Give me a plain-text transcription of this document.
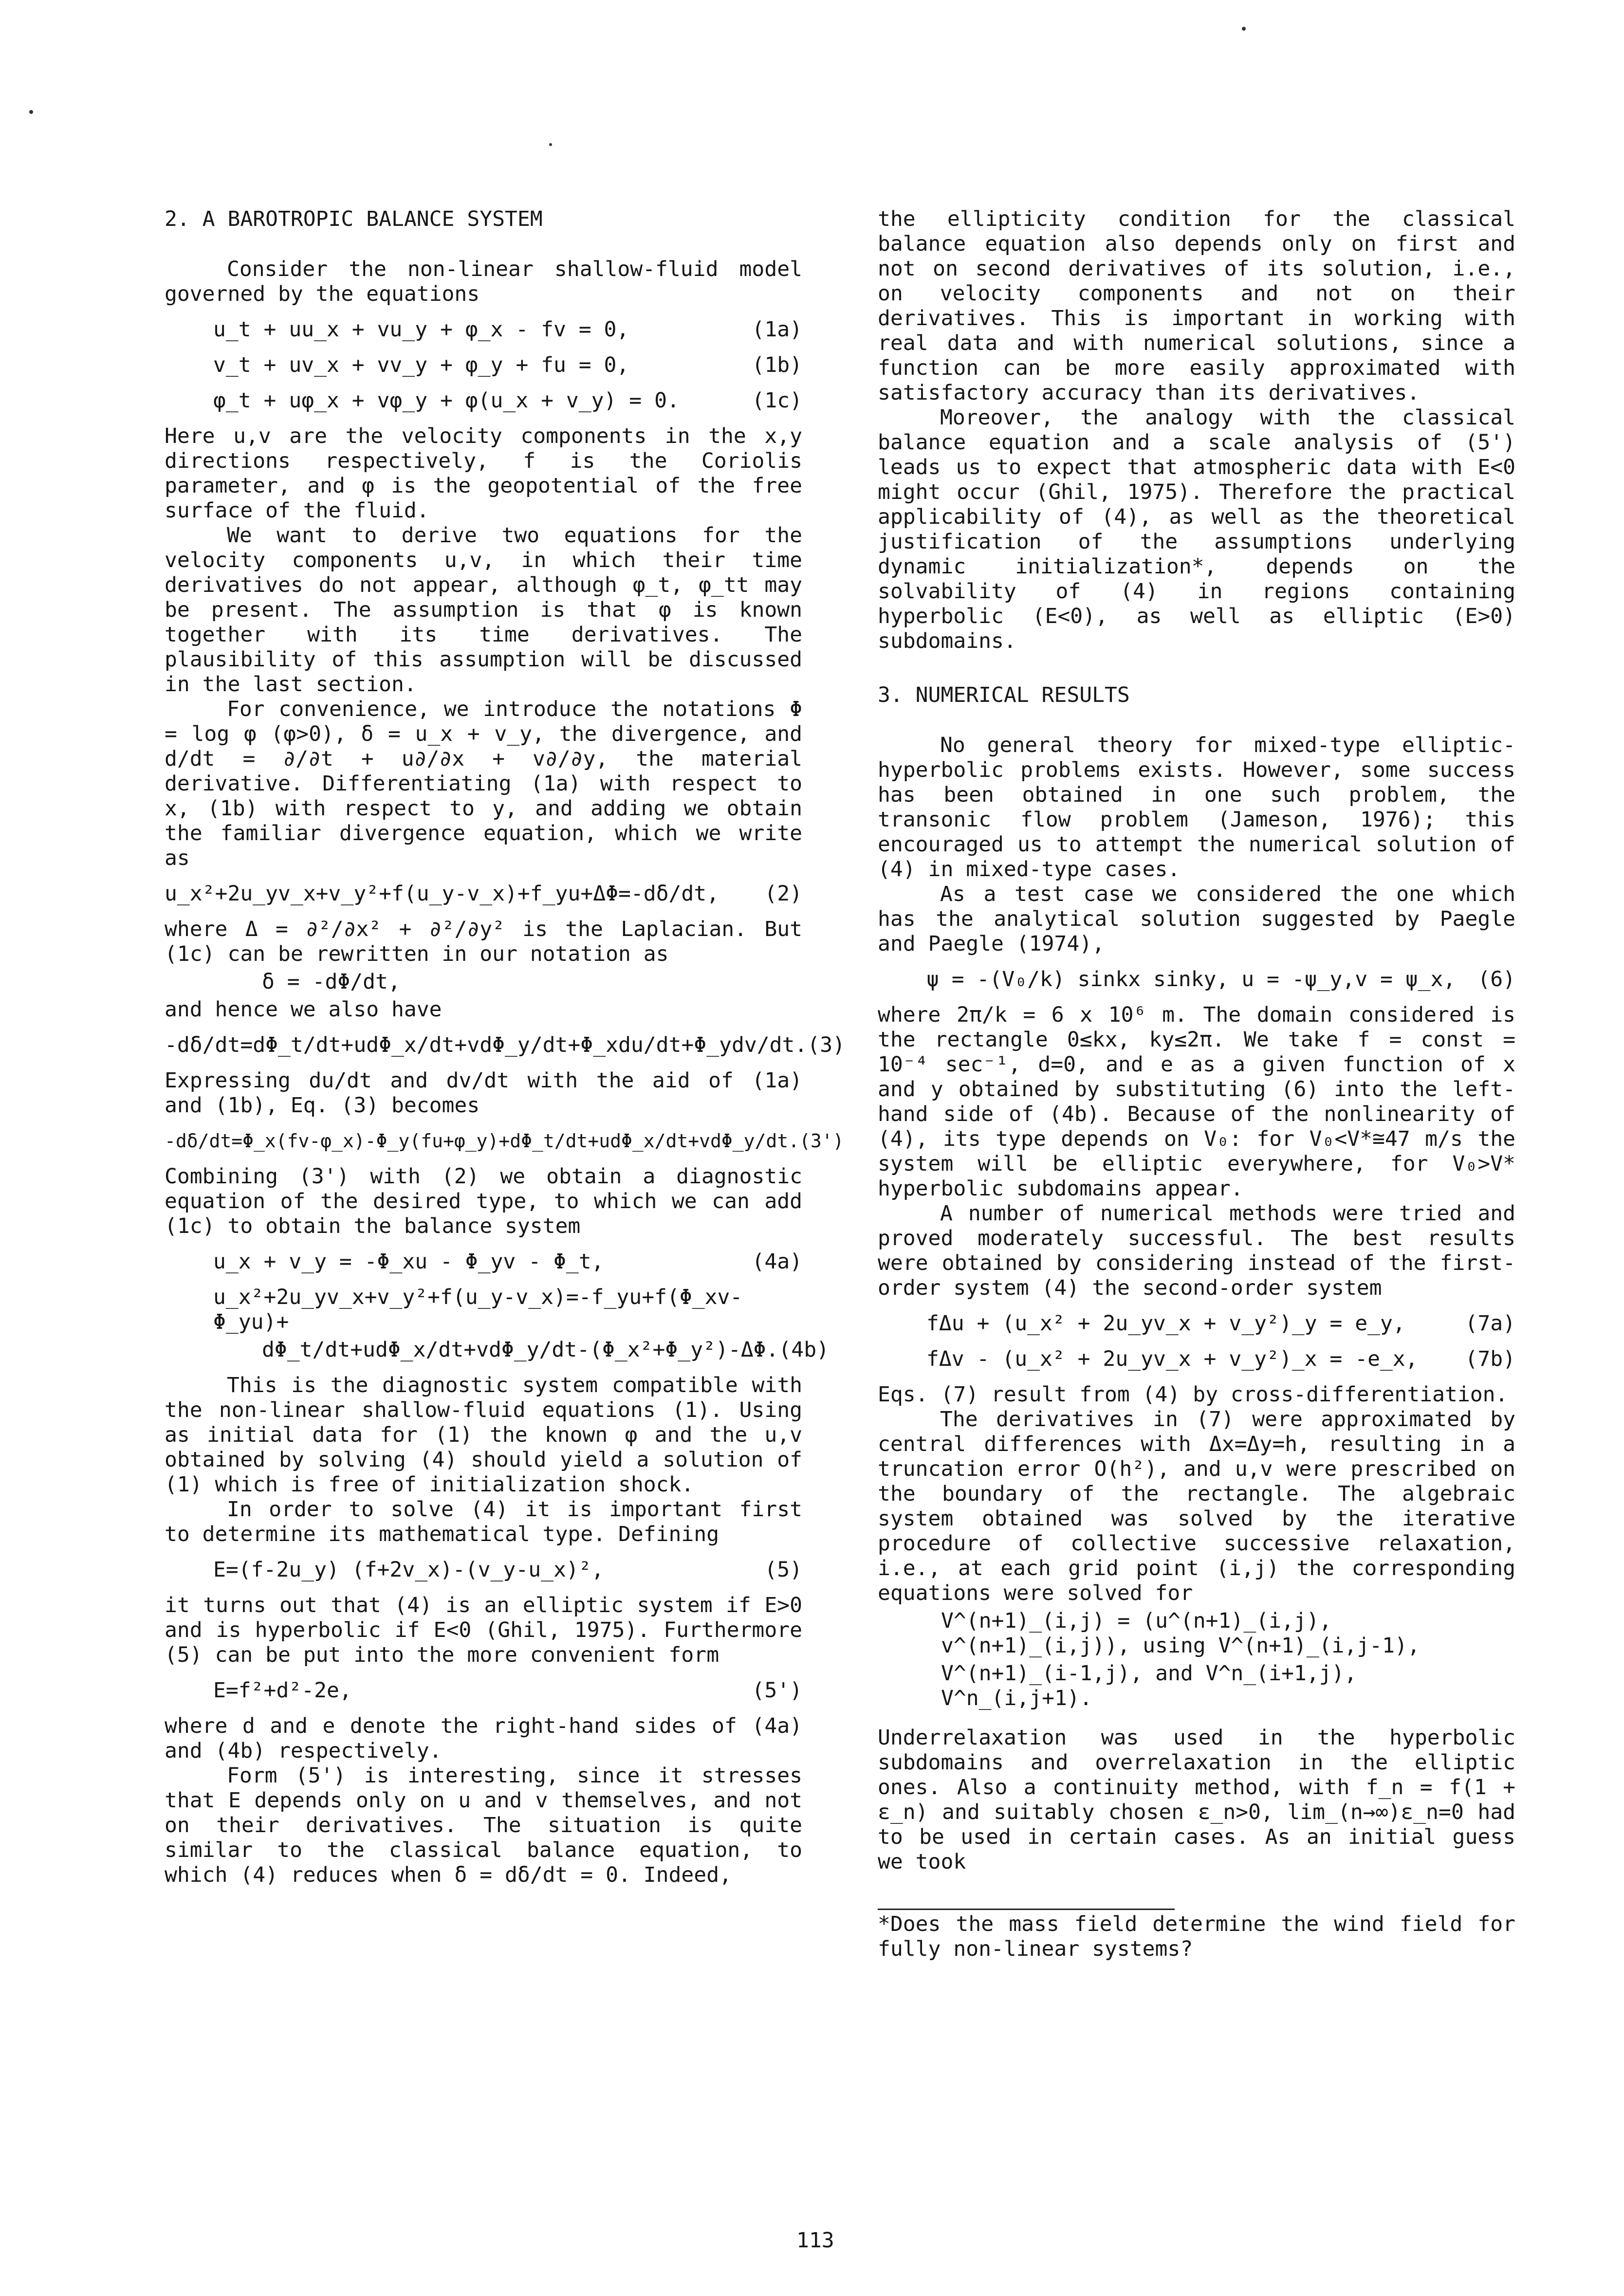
2. A BAROTROPIC BALANCE SYSTEM

Consider the non-linear shallow-fluid model governed by the equations

u_t + uu_x + vu_y + φ_x - fv = 0,	(1a)
v_t + uv_x + vv_y + φ_y + fu = 0,	(1b)
φ_t + uφ_x + vφ_y + φ(u_x + v_y) = 0.	(1c)

Here u,v are the velocity components in the x,y directions respectively, f is the Coriolis parameter, and φ is the geopotential of the free surface of the fluid.

We want to derive two equations for the velocity components u,v, in which their time derivatives do not appear, although φ_t, φ_tt may be present. The assumption is that φ is known together with its time derivatives. The plausibility of this assumption will be discussed in the last section.

For convenience, we introduce the notations Φ = log φ (φ>0), δ = u_x + v_y, the divergence, and d/dt = ∂/∂t + u∂/∂x + v∂/∂y, the material derivative. Differentiating (1a) with respect to x, (1b) with respect to y, and adding we obtain the familiar divergence equation, which we write as

u_x²+2u_yv_x+v_y²+f(u_y-v_x)+f_yu+ΔΦ=-dδ/dt, (2)

where Δ = ∂²/∂x² + ∂²/∂y² is the Laplacian. But (1c) can be rewritten in our notation as

δ = -dΦ/dt,

and hence we also have

-dδ/dt=dΦ_t/dt+udΦ_x/dt+vdΦ_y/dt+Φ_xdu/dt+Φ_ydv/dt. (3)

Expressing du/dt and dv/dt with the aid of (1a) and (1b), Eq. (3) becomes

-dδ/dt=Φ_x(fv-φ_x)-Φ_y(fu+φ_y)+dΦ_t/dt+udΦ_x/dt+vdΦ_y/dt. (3')

Combining (3') with (2) we obtain a diagnostic equation of the desired type, to which we can add (1c) to obtain the balance system

u_x + v_y = -Φ_xu - Φ_yv - Φ_t,	(4a)
u_x²+2u_yv_x+v_y²+f(u_y-v_x)=-f_yu+f(Φ_xv-Φ_yu)+
dΦ_t/dt+udΦ_x/dt+vdΦ_y/dt-(Φ_x²+Φ_y²)-ΔΦ. (4b)

This is the diagnostic system compatible with the non-linear shallow-fluid equations (1). Using as initial data for (1) the known φ and the u,v obtained by solving (4) should yield a solution of (1) which is free of initialization shock.

In order to solve (4) it is important first to determine its mathematical type. Defining

E=(f-2u_y) (f+2v_x)-(v_y-u_x)²,	(5)

it turns out that (4) is an elliptic system if E>0 and is hyperbolic if E<0 (Ghil, 1975). Furthermore (5) can be put into the more convenient form

E=f²+d²-2e,	(5')

where d and e denote the right-hand sides of (4a) and (4b) respectively.

Form (5') is interesting, since it stresses that E depends only on u and v themselves, and not on their derivatives. The situation is quite similar to the classical balance equation, to which (4) reduces when δ = dδ/dt = 0. Indeed,

the ellipticity condition for the classical balance equation also depends only on first and not on second derivatives of its solution, i.e., on velocity components and not on their derivatives. This is important in working with real data and with numerical solutions, since a function can be more easily approximated with satisfactory accuracy than its derivatives.

Moreover, the analogy with the classical balance equation and a scale analysis of (5') leads us to expect that atmospheric data with E<0 might occur (Ghil, 1975). Therefore the practical applicability of (4), as well as the theoretical justification of the assumptions underlying dynamic initialization*, depends on the solvability of (4) in regions containing hyperbolic (E<0), as well as elliptic (E>0) subdomains.

3. NUMERICAL RESULTS

No general theory for mixed-type elliptic-hyperbolic problems exists. However, some success has been obtained in one such problem, the transonic flow problem (Jameson, 1976); this encouraged us to attempt the numerical solution of (4) in mixed-type cases.

As a test case we considered the one which has the analytical solution suggested by Paegle and Paegle (1974),

ψ = -(V₀/k) sinkx sinky, u = -ψ_y,v = ψ_x, (6)

where 2π/k = 6 x 10⁶ m. The domain considered is the rectangle 0≤kx, ky≤2π. We take f = const = 10⁻⁴ sec⁻¹, d=0, and e as a given function of x and y obtained by substituting (6) into the left-hand side of (4b). Because of the nonlinearity of (4), its type depends on V₀: for V₀<V*≅47 m/s the system will be elliptic everywhere, for V₀>V* hyperbolic subdomains appear.

A number of numerical methods were tried and proved moderately successful. The best results were obtained by considering instead of the first-order system (4) the second-order system

fΔu + (u_x² + 2u_yv_x + v_y²)_y = e_y,	(7a)
fΔv - (u_x² + 2u_yv_x + v_y²)_x = -e_x, (7b)

Eqs. (7) result from (4) by cross-differentiation.

The derivatives in (7) were approximated by central differences with Δx=Δy=h, resulting in a truncation error O(h²), and u,v were prescribed on the boundary of the rectangle. The algebraic system obtained was solved by the iterative procedure of collective successive relaxation, i.e., at each grid point (i,j) the corresponding equations were solved for

V^(n+1)_(i,j) = (u^(n+1)_(i,j), v^(n+1)_(i,j)), using V^(n+1)_(i,j-1),
V^(n+1)_(i-1,j), and V^n_(i+1,j), V^n_(i,j+1).

Underrelaxation was used in the hyperbolic subdomains and overrelaxation in the elliptic ones. Also a continuity method, with f_n = f(1 + ε_n) and suitably chosen ε_n>0, lim_(n→∞)ε_n=0 had to be used in certain cases. As an initial guess we took

*Does the mass field determine the wind field for fully non-linear systems?

113
